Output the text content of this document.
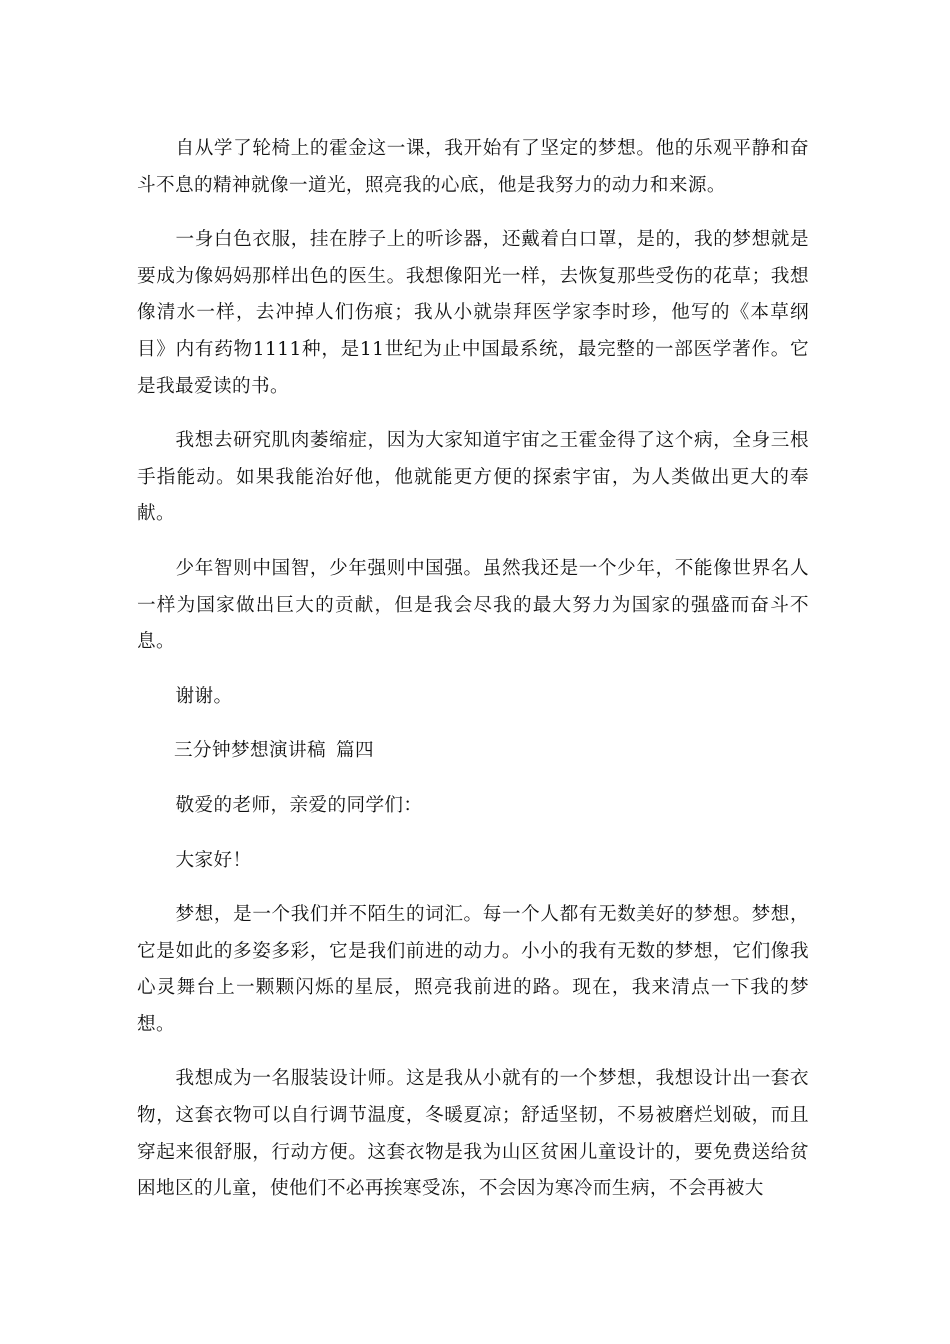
自从学了轮椅上的霍金这一课，我开始有了坚定的梦想。他的乐观平静和奋斗不息的精神就像一道光，照亮我的心底，他是我努力的动力和来源。

一身白色衣服，挂在脖子上的听诊器，还戴着白口罩，是的，我的梦想就是要成为像妈妈那样出色的医生。我想像阳光一样，去恢复那些受伤的花草；我想像清水一样，去冲掉人们伤痕；我从小就崇拜医学家李时珍，他写的《本草纲目》内有药物1111种，是11世纪为止中国最系统，最完整的一部医学著作。它是我最爱读的书。

我想去研究肌肉萎缩症，因为大家知道宇宙之王霍金得了这个病，全身三根手指能动。如果我能治好他，他就能更方便的探索宇宙，为人类做出更大的奉献。

少年智则中国智，少年强则中国强。虽然我还是一个少年，不能像世界名人一样为国家做出巨大的贡献，但是我会尽我的最大努力为国家的强盛而奋斗不息。

谢谢。

三分钟梦想演讲稿 篇四

敬爱的老师，亲爱的同学们：

大家好！

梦想，是一个我们并不陌生的词汇。每一个人都有无数美好的梦想。梦想，它是如此的多姿多彩，它是我们前进的动力。小小的我有无数的梦想，它们像我心灵舞台上一颗颗闪烁的星辰，照亮我前进的路。现在，我来清点一下我的梦想。

我想成为一名服装设计师。这是我从小就有的一个梦想，我想设计出一套衣物，这套衣物可以自行调节温度，冬暖夏凉；舒适坚韧，不易被磨烂划破，而且穿起来很舒服，行动方便。这套衣物是我为山区贫困儿童设计的，要免费送给贫困地区的儿童，使他们不必再挨寒受冻，不会因为寒冷而生病，不会再被大
